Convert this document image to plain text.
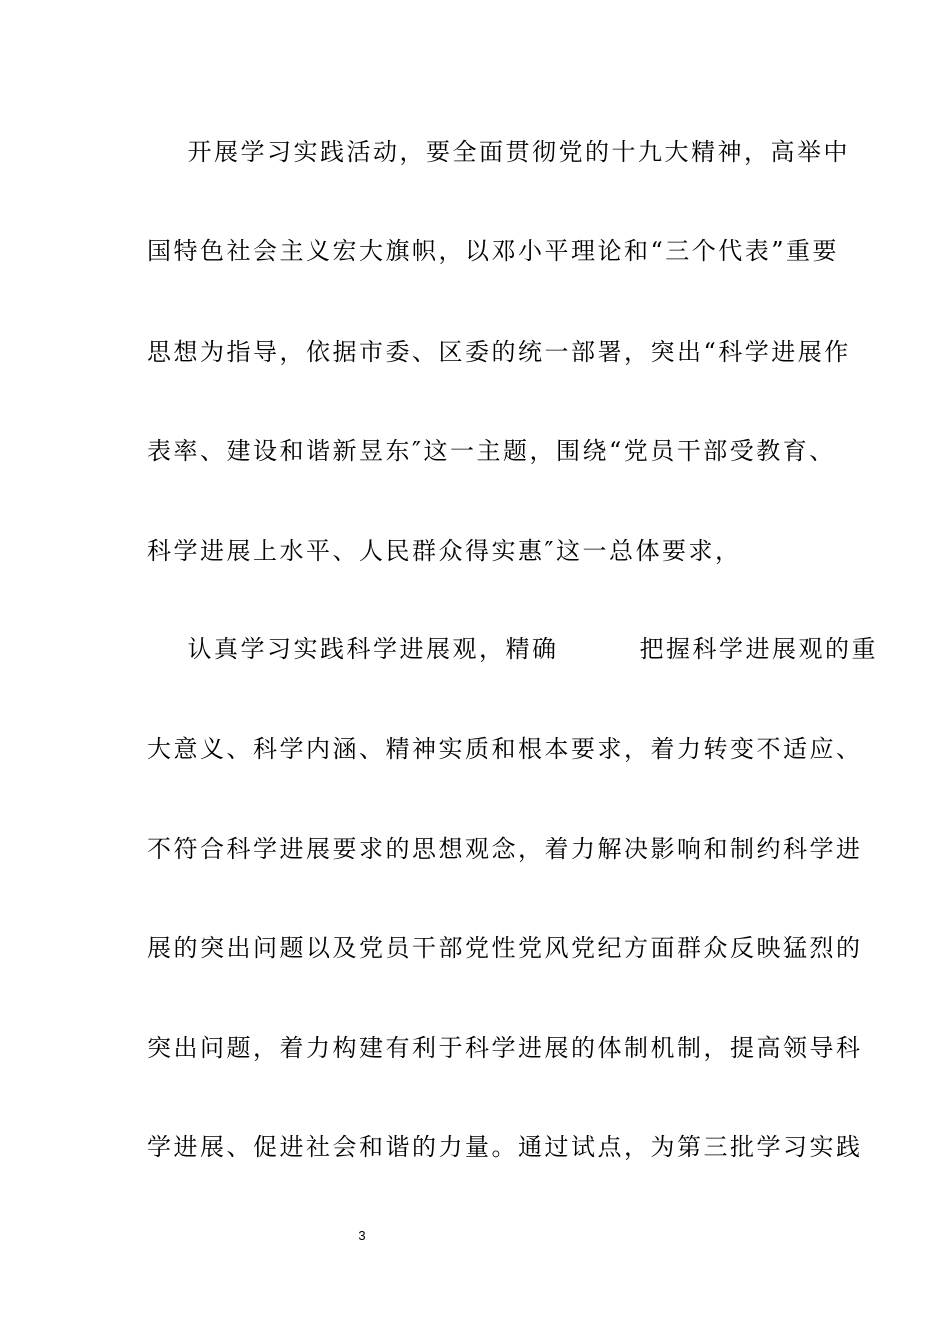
开展学习实践活动，要全面贯彻党的十九大精神，高举中
国特色社会主义宏大旗帜，以邓小平理论和“三个代表”重要
思想为指导，依据市委、区委的统一部署，突出“科学进展作
表率、建设和谐新昱东″这一主题，围绕“党员干部受教育、
科学进展上水平、人民群众得实惠″这一总体要求，
认真学习实践科学进展观，精确        把握科学进展观的重
大意义、科学内涵、精神实质和根本要求，着力转变不适应、
不符合科学进展要求的思想观念，着力解决影响和制约科学进
展的突出问题以及党员干部党性党风党纪方面群众反映猛烈的
突出问题，着力构建有利于科学进展的体制机制，提高领导科
学进展、促进社会和谐的力量。通过试点，为第三批学习实践
3
